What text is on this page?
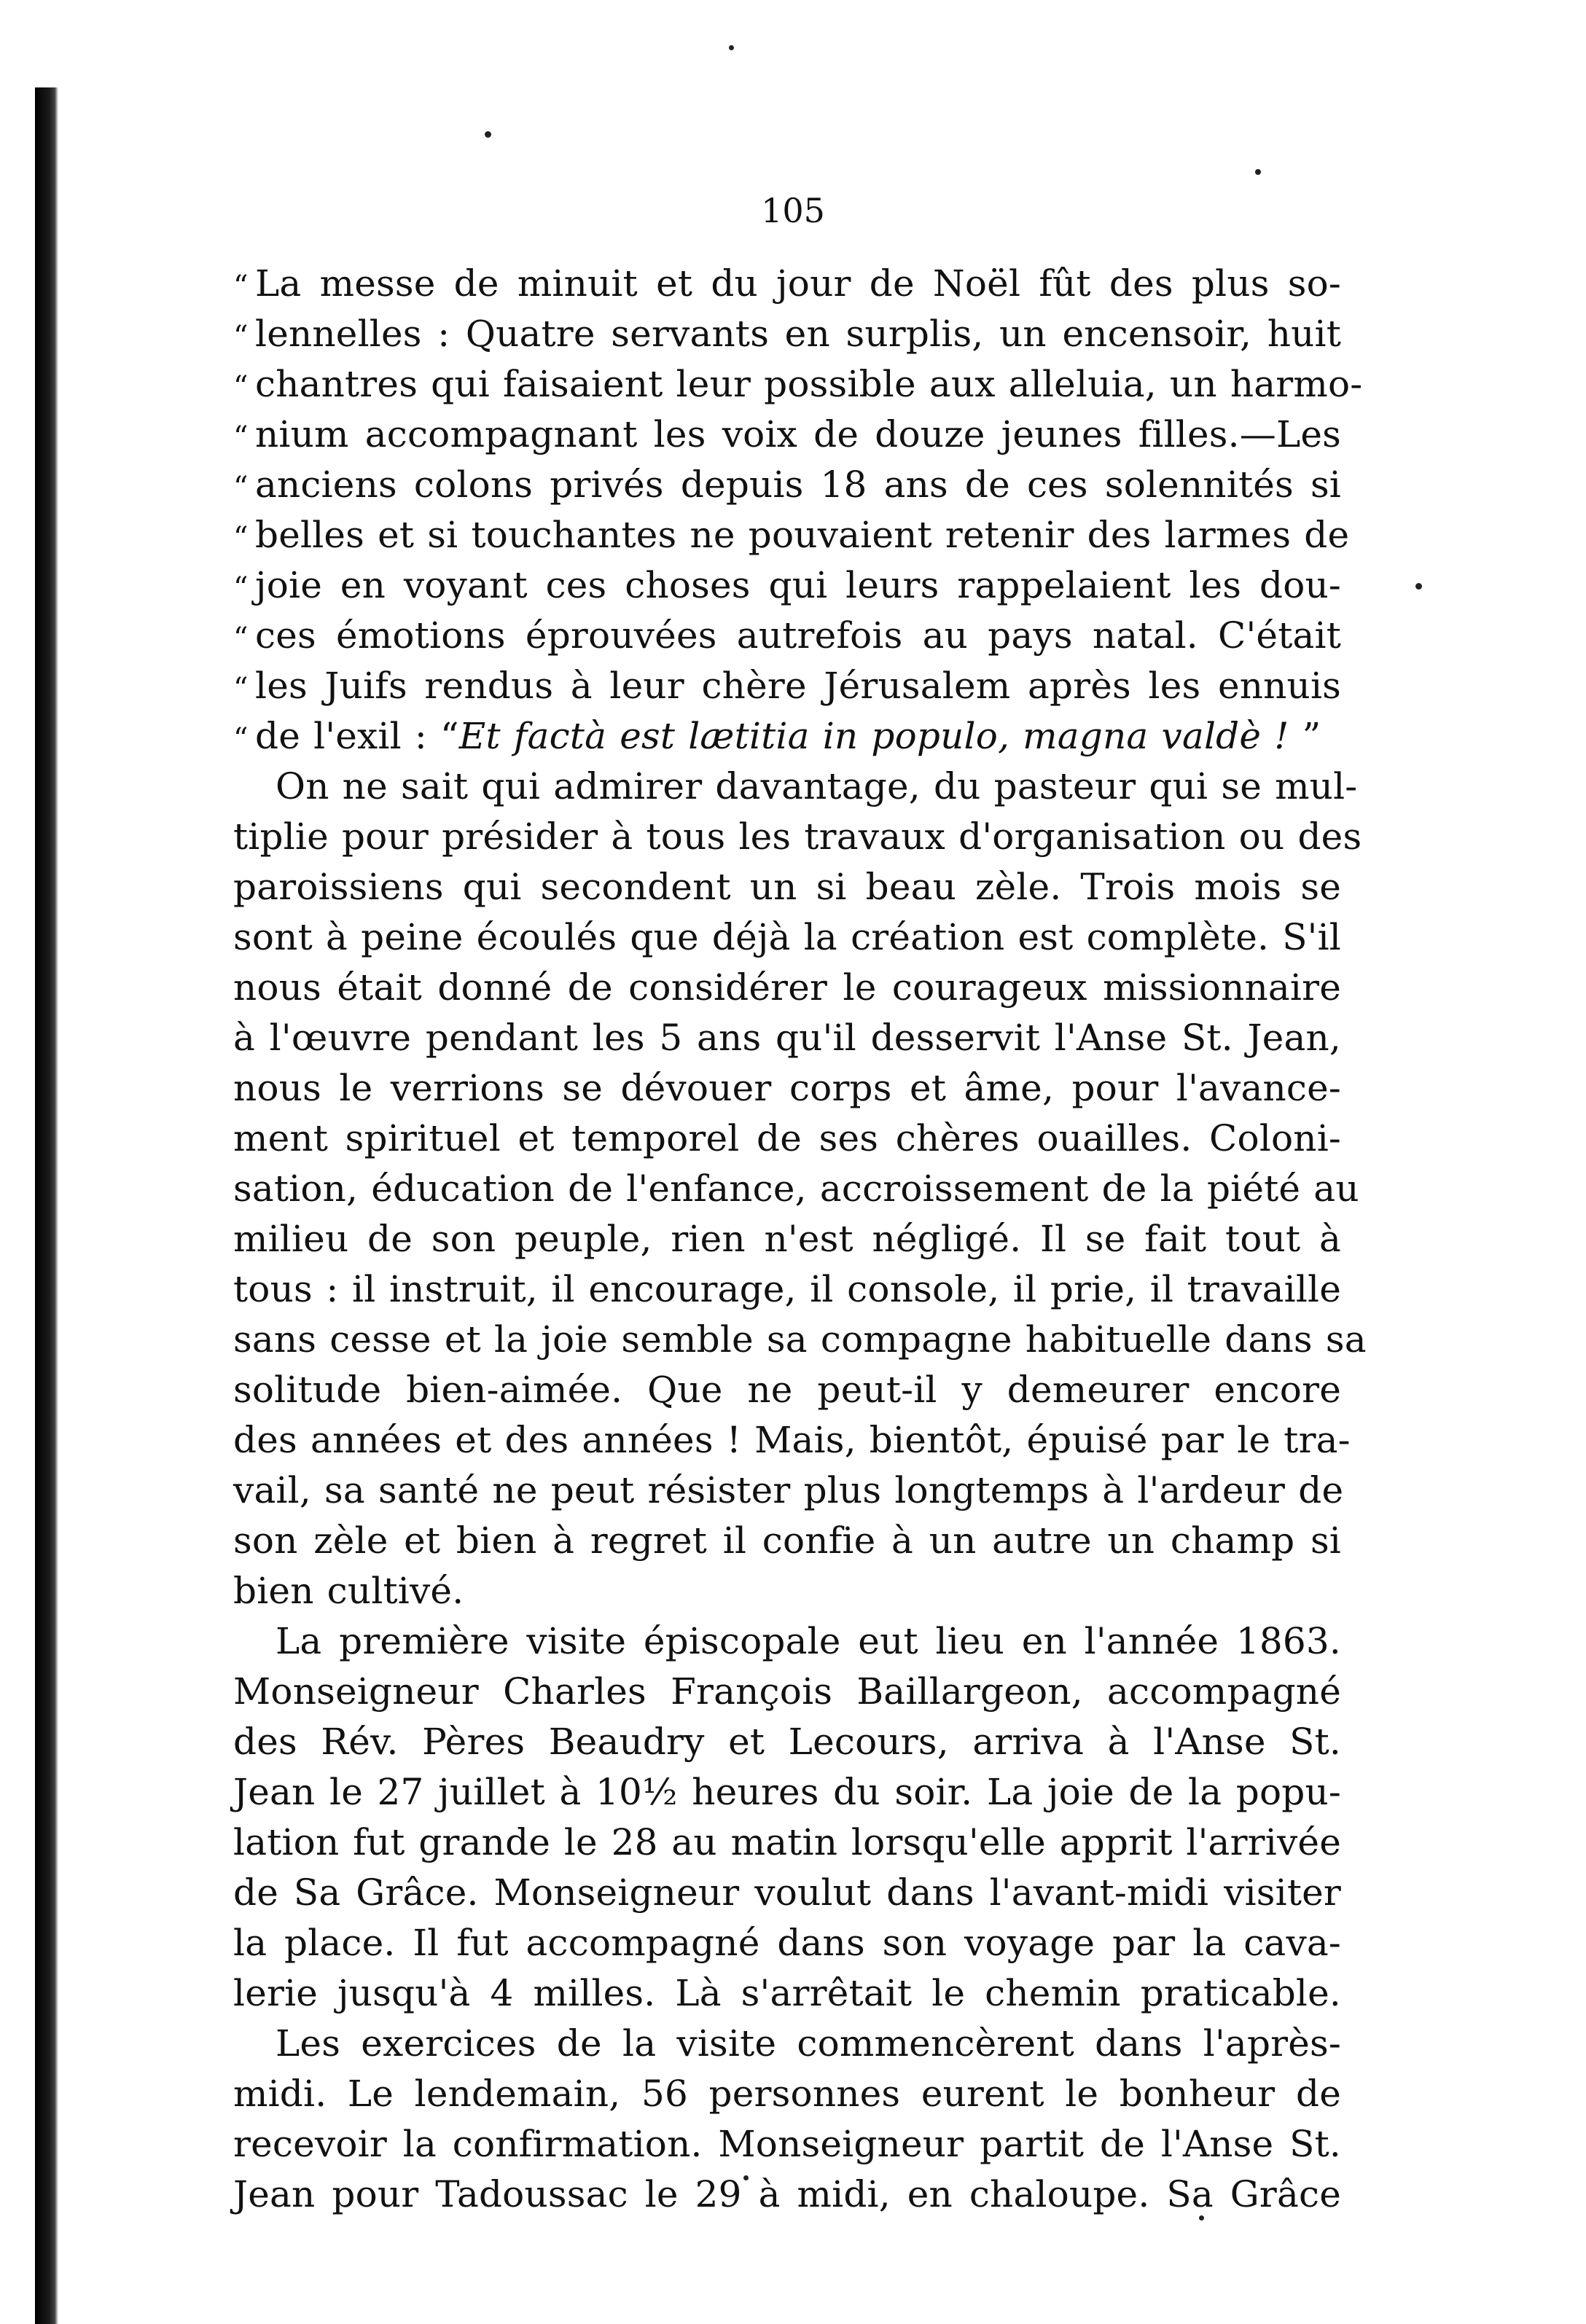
105
“ La messe de minuit et du jour de Noël fût des plus so-
“ lennelles : Quatre servants en surplis, un encensoir, huit
“ chantres qui faisaient leur possible aux alleluia, un harmo-
“ nium accompagnant les voix de douze jeunes filles.—Les
“ anciens colons privés depuis 18 ans de ces solennités si
“ belles et si touchantes ne pouvaient retenir des larmes de
“ joie en voyant ces choses qui leurs rappelaient les dou-
“ ces émotions éprouvées autrefois au pays natal. C'était
“ les Juifs rendus à leur chère Jérusalem après les ennuis
“ de l'exil : “Et factà est lætitia in populo, magna valdè ! ”
On ne sait qui admirer davantage, du pasteur qui se mul-
tiplie pour présider à tous les travaux d'organisation ou des
paroissiens qui secondent un si beau zèle. Trois mois se
sont à peine écoulés que déjà la création est complète. S'il
nous était donné de considérer le courageux missionnaire
à l'œuvre pendant les 5 ans qu'il desservit l'Anse St. Jean,
nous le verrions se dévouer corps et âme, pour l'avance-
ment spirituel et temporel de ses chères ouailles. Coloni-
sation, éducation de l'enfance, accroissement de la piété au
milieu de son peuple, rien n'est négligé. Il se fait tout à
tous : il instruit, il encourage, il console, il prie, il travaille
sans cesse et la joie semble sa compagne habituelle dans sa
solitude bien-aimée. Que ne peut-il y demeurer encore
des années et des années ! Mais, bientôt, épuisé par le tra-
vail, sa santé ne peut résister plus longtemps à l'ardeur de
son zèle et bien à regret il confie à un autre un champ si
bien cultivé.
La première visite épiscopale eut lieu en l'année 1863.
Monseigneur Charles François Baillargeon, accompagné
des Rév. Pères Beaudry et Lecours, arriva à l'Anse St.
Jean le 27 juillet à 10½ heures du soir. La joie de la popu-
lation fut grande le 28 au matin lorsqu'elle apprit l'arrivée
de Sa Grâce. Monseigneur voulut dans l'avant-midi visiter
la place. Il fut accompagné dans son voyage par la cava-
lerie jusqu'à 4 milles. Là s'arrêtait le chemin praticable.
Les exercices de la visite commencèrent dans l'après-
midi. Le lendemain, 56 personnes eurent le bonheur de
recevoir la confirmation. Monseigneur partit de l'Anse St.
Jean pour Tadoussac le 29 à midi, en chaloupe. Sa Grâce
